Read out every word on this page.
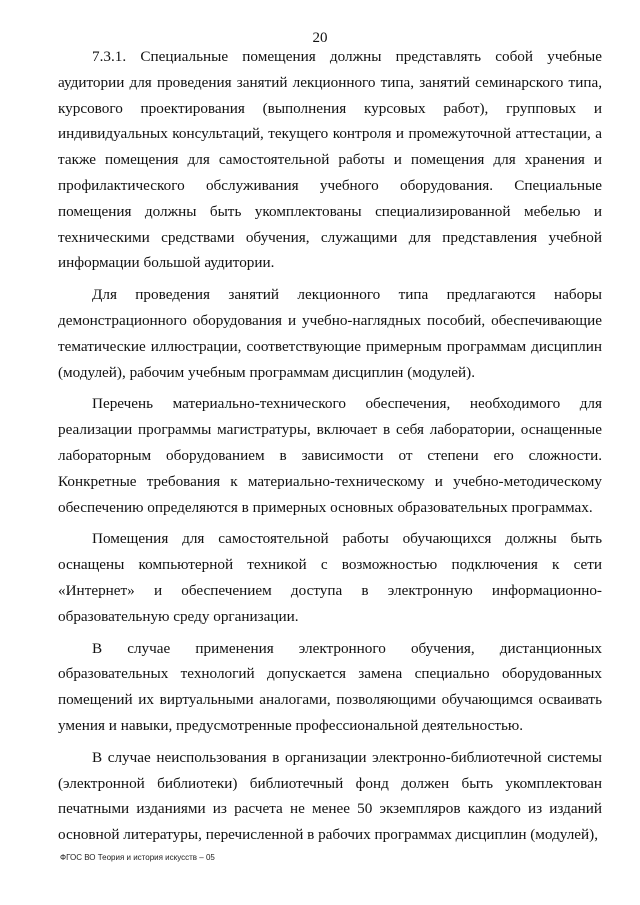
20

7.3.1. Специальные помещения должны представлять собой учебные аудитории для проведения занятий лекционного типа, занятий семинарского типа, курсового проектирования (выполнения курсовых работ), групповых и индивидуальных консультаций, текущего контроля и промежуточной аттестации, а также помещения для самостоятельной работы и помещения для хранения и профилактического обслуживания учебного оборудования. Специальные помещения должны быть укомплектованы специализированной мебелью и техническими средствами обучения, служащими для представления учебной информации большой аудитории.

Для проведения занятий лекционного типа предлагаются наборы демонстрационного оборудования и учебно-наглядных пособий, обеспечивающие тематические иллюстрации, соответствующие примерным программам дисциплин (модулей), рабочим учебным программам дисциплин (модулей).

Перечень материально-технического обеспечения, необходимого для реализации программы магистратуры, включает в себя лаборатории, оснащенные лабораторным оборудованием в зависимости от степени его сложности. Конкретные требования к материально-техническому и учебно-методическому обеспечению определяются в примерных основных образовательных программах.

Помещения для самостоятельной работы обучающихся должны быть оснащены компьютерной техникой с возможностью подключения к сети «Интернет» и обеспечением доступа в электронную информационно-образовательную среду организации.

В случае применения электронного обучения, дистанционных образовательных технологий допускается замена специально оборудованных помещений их виртуальными аналогами, позволяющими обучающимся осваивать умения и навыки, предусмотренные профессиональной деятельностью.

В случае неиспользования в организации электронно-библиотечной системы (электронной библиотеки) библиотечный фонд должен быть укомплектован печатными изданиями из расчета не менее 50 экземпляров каждого из изданий основной литературы, перечисленной в рабочих программах дисциплин (модулей),

ФГОС ВО Теория и история искусств – 05
